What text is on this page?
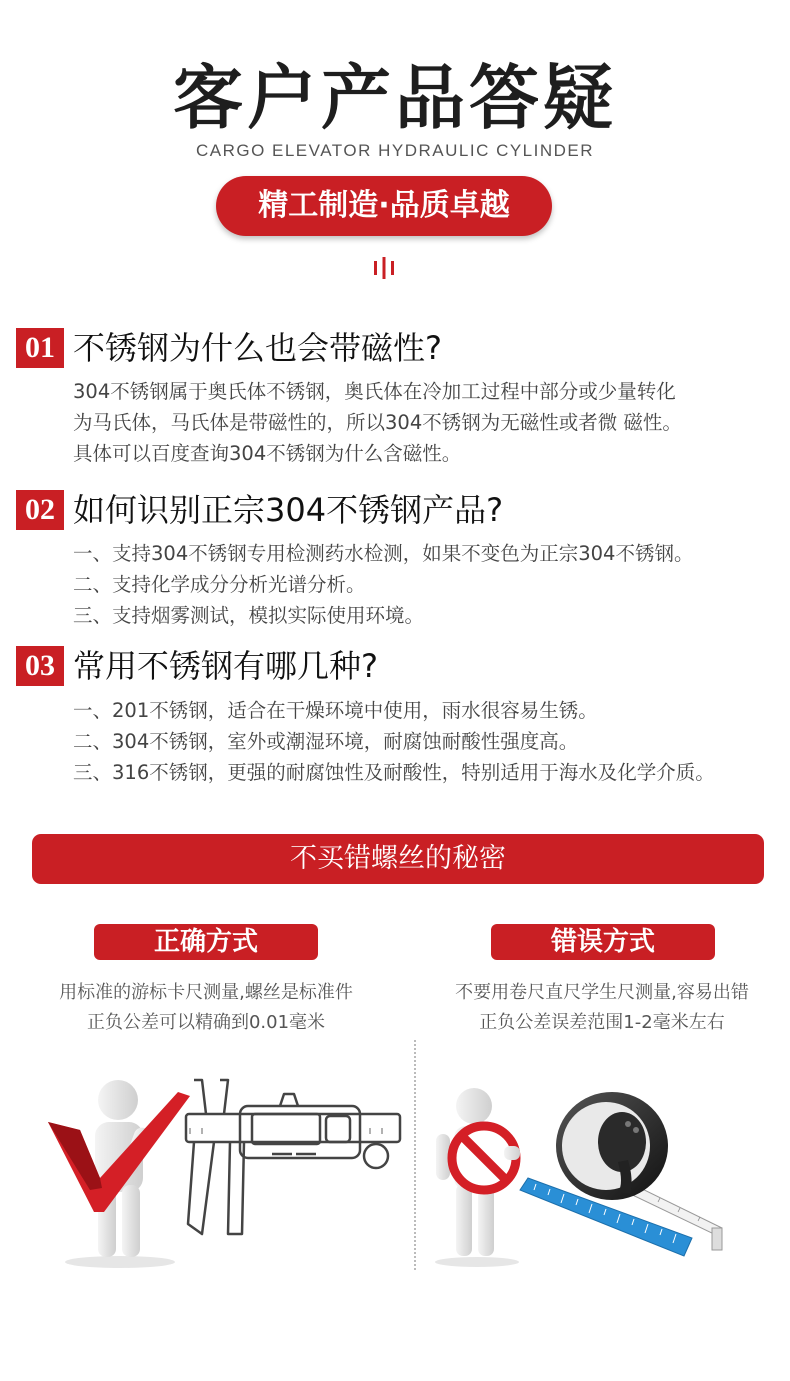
客户产品答疑
CARGO ELEVATOR HYDRAULIC CYLINDER
精工制造·品质卓越
01 不锈钢为什么也会带磁性?
304不锈钢属于奥氏体不锈钢，奥氏体在冷加工过程中部分或少量转化
为马氏体，马氏体是带磁性的，所以304不锈钢为无磁性或者微 磁性。
具体可以百度查询304不锈钢为什么含磁性。
02 如何识别正宗304不锈钢产品?
一、支持304不锈钢专用检测药水检测，如果不变色为正宗304不锈钢。
二、支持化学成分分析光谱分析。
三、支持烟雾测试，模拟实际使用环境。
03 常用不锈钢有哪几种?
一、201不锈钢，适合在干燥环境中使用，雨水很容易生锈。
二、304不锈钢，室外或潮湿环境，耐腐蚀耐酸性强度高。
三、316不锈钢，更强的耐腐蚀性及耐酸性，特别适用于海水及化学介质。
不买错螺丝的秘密
正确方式	错误方式
用标准的游标卡尺测量,螺丝是标准件
正负公差可以精确到0.01毫米
不要用卷尺直尺学生尺测量,容易出错
正负公差误差范围1-2毫米左右
